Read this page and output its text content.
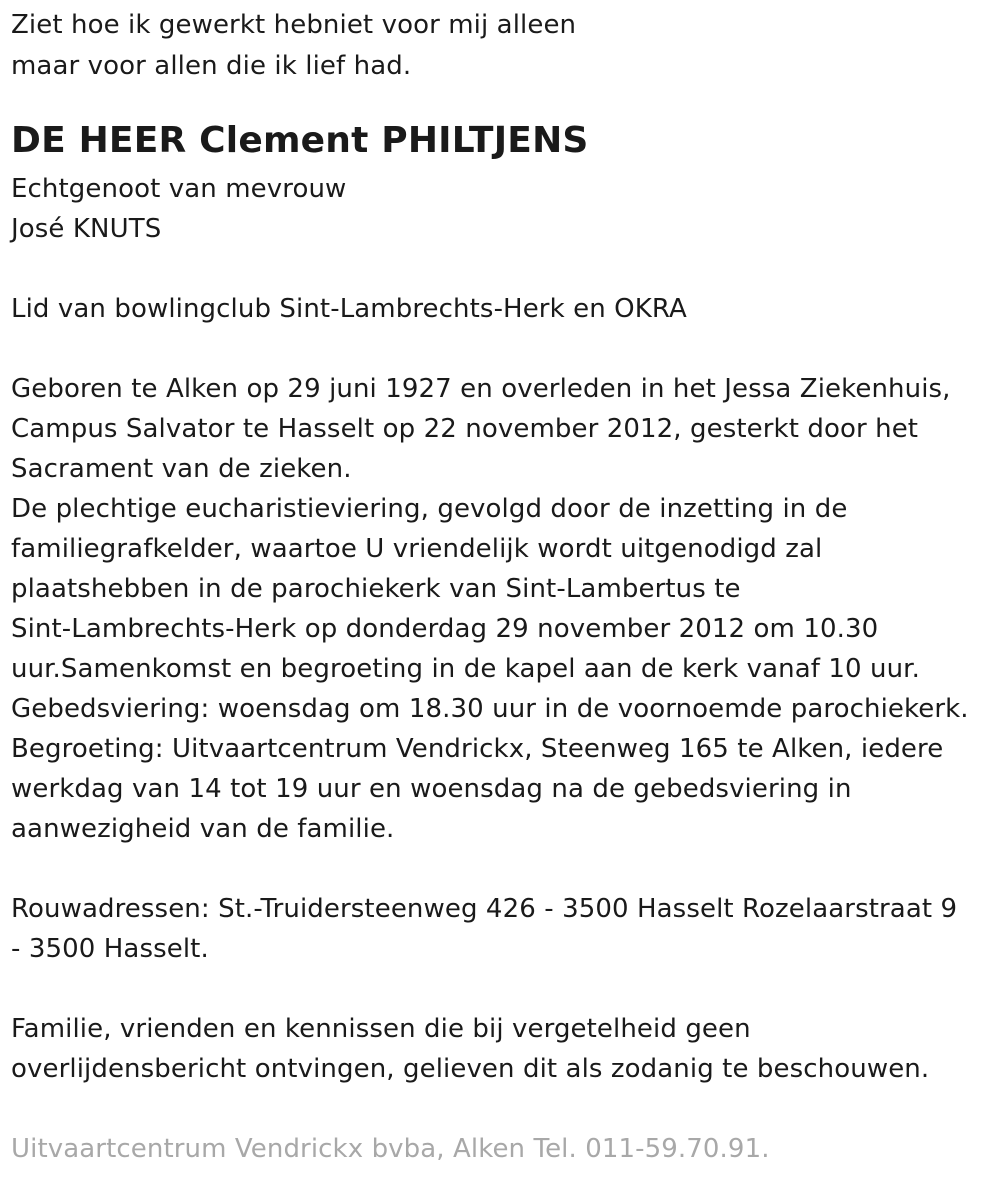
Ziet hoe ik gewerkt hebniet voor mij alleen
maar voor allen die ik lief had.
DE HEER Clement PHILTJENS
Echtgenoot van mevrouw
José KNUTS
Lid van bowlingclub Sint-Lambrechts-Herk en OKRA
Geboren te Alken op 29 juni 1927 en overleden in het Jessa Ziekenhuis,
Campus Salvator te Hasselt op 22 november 2012, gesterkt door het
Sacrament van de zieken.
De plechtige eucharistieviering, gevolgd door de inzetting in de
familiegrafkelder, waartoe U vriendelijk wordt uitgenodigd zal
plaatshebben in de parochiekerk van Sint-Lambertus te
Sint-Lambrechts-Herk op donderdag 29 november 2012 om 10.30
uur.Samenkomst en begroeting in de kapel aan de kerk vanaf 10 uur.
Gebedsviering: woensdag om 18.30 uur in de voornoemde parochiekerk.
Begroeting: Uitvaartcentrum Vendrickx, Steenweg 165 te Alken, iedere
werkdag van 14 tot 19 uur en woensdag na de gebedsviering in
aanwezigheid van de familie.
Rouwadressen: St.-Truidersteenweg 426 - 3500 Hasselt Rozelaarstraat 9
- 3500 Hasselt.
Familie, vrienden en kennissen die bij vergetelheid geen
overlijdensbericht ontvingen, gelieven dit als zodanig te beschouwen.
Uitvaartcentrum Vendrickx bvba, Alken Tel. 011-59.70.91.
